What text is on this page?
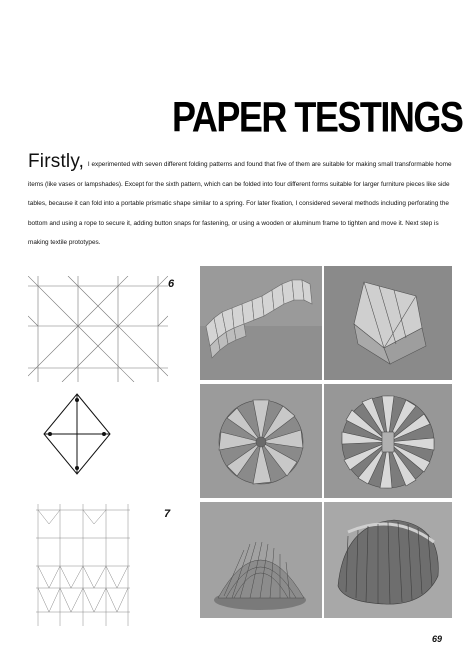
PAPER TESTINGS
Firstly, I experimented with seven different folding patterns and found that five of them are suitable for making small transformable home items (like vases or lampshades). Except for the sixth pattern, which can be folded into four different forms suitable for larger furniture pieces like side tables, because it can fold into a portable prismatic shape similar to a spring. For later fixation, I considered several methods including perforating the bottom and using a rope to secure it, adding button snaps for fastening, or using a wooden or aluminum frame to tighten and move it. Next step is making textile prototypes.
6
7
69
